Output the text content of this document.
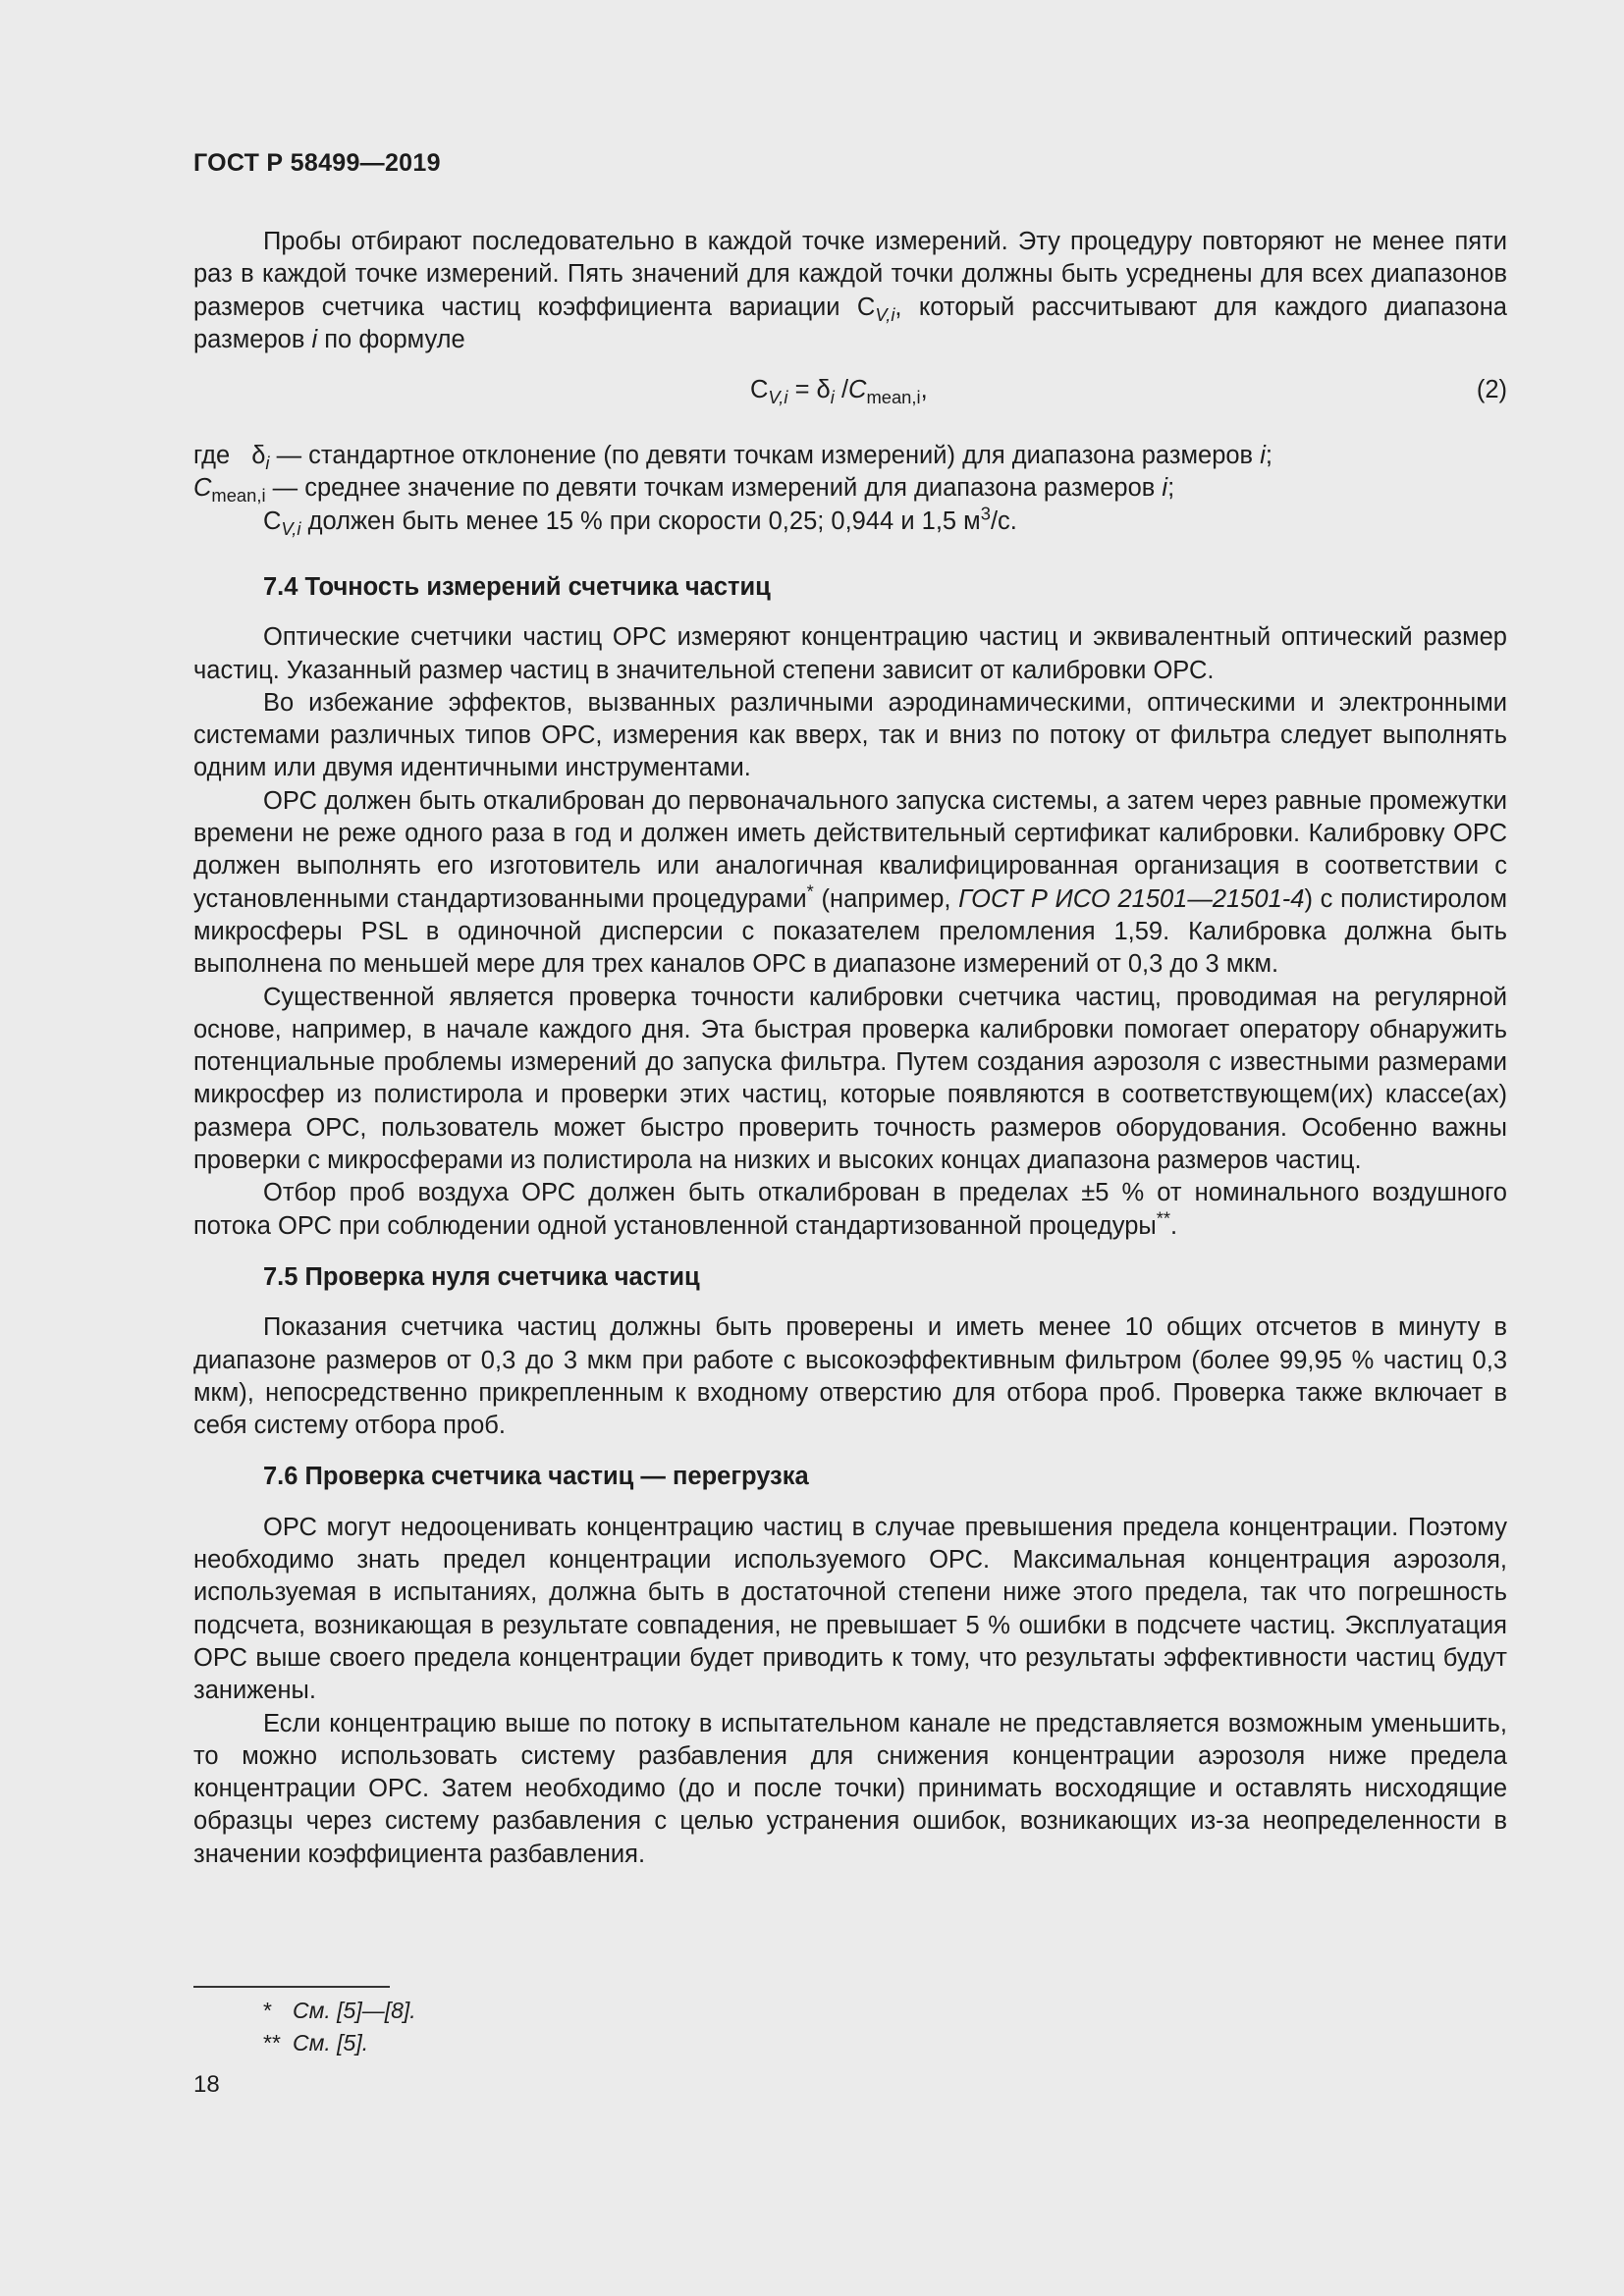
ГОСТ Р 58499—2019

Пробы отбирают последовательно в каждой точке измерений. Эту процедуру повторяют не менее пяти раз в каждой точке измерений. Пять значений для каждой точки должны быть усреднены для всех диапазонов размеров счетчика частиц коэффициента вариации $C_{V,i}$, который рассчитывают для каждого диапазона размеров i по формуле

$C_{V,i} = \delta_i$ $/C_{mean,i}$,	(2)
где $\delta_i$ — стандартное отклонение (по девяти точкам измерений) для диапазона размеров i;
$C_{mean,i}$ — среднее значение по девяти точкам измерений для диапазона размеров i;
$C_{V,i}$ должен быть менее 15 % при скорости 0,25; 0,944 и 1,5 $м^3/с$.
7.4 Точность измерений счетчика частиц

Оптические счетчики частиц ОРС измеряют концентрацию частиц и эквивалентный оптический размер частиц. Указанный размер частиц в значительной степени зависит от калибровки ОРС.

Во избежание эффектов, вызванных различными аэродинамическими, оптическими и электронными системами различных типов ОРС, измерения как вверх, так и вниз по потоку от фильтра следует выполнять одним или двумя идентичными инструментами.

ОРС должен быть откалиброван до первоначального запуска системы, а затем через равные промежутки времени не реже одного раза в год и должен иметь действительный сертификат калибровки. Калибровку ОРС должен выполнять его изготовитель или аналогичная квалифицированная организация в соответствии с установленными стандартизованными процедурами* (например, ГОСТ Р ИСО 21501—21501-4) с полистиролом микросферы PSL в одиночной дисперсии с показателем преломления 1,59. Калибровка должна быть выполнена по меньшей мере для трех каналов ОРС в диапазоне измерений от 0,3 до 3 мкм.

Существенной является проверка точности калибровки счетчика частиц, проводимая на регулярной основе, например, в начале каждого дня. Эта быстрая проверка калибровки помогает оператору обнаружить потенциальные проблемы измерений до запуска фильтра. Путем создания аэрозоля с известными размерами микросфер из полистирола и проверки этих частиц, которые появляются в соответствующем(их) классе(ах) размера ОРС, пользователь может быстро проверить точность размеров оборудования. Особенно важны проверки с микросферами из полистирола на низких и высоких концах диапазона размеров частиц.

Отбор проб воздуха ОРС должен быть откалиброван в пределах ±5 % от номинального воздушного потока ОРС при соблюдении одной установленной стандартизованной процедуры**.

7.5 Проверка нуля счетчика частиц

Показания счетчика частиц должны быть проверены и иметь менее 10 общих отсчетов в минуту в диапазоне размеров от 0,3 до 3 мкм при работе с высокоэффективным фильтром (более 99,95 % частиц 0,3 мкм), непосредственно прикрепленным к входному отверстию для отбора проб. Проверка также включает в себя систему отбора проб.

7.6 Проверка счетчика частиц — перегрузка

ОРС могут недооценивать концентрацию частиц в случае превышения предела концентрации. Поэтому необходимо знать предел концентрации используемого ОРС. Максимальная концентрация аэрозоля, используемая в испытаниях, должна быть в достаточной степени ниже этого предела, так что погрешность подсчета, возникающая в результате совпадения, не превышает 5 % ошибки в подсчете частиц. Эксплуатация ОРС выше своего предела концентрации будет приводить к тому, что результаты эффективности частиц будут занижены.

Если концентрацию выше по потоку в испытательном канале не представляется возможным уменьшить, то можно использовать систему разбавления для снижения концентрации аэрозоля ниже предела концентрации ОРС. Затем необходимо (до и после точки) принимать восходящие и оставлять нисходящие образцы через систему разбавления с целью устранения ошибок, возникающих из-за неопределенности в значении коэффициента разбавления.

* См. [5]—[8].
** См. [5].
18
